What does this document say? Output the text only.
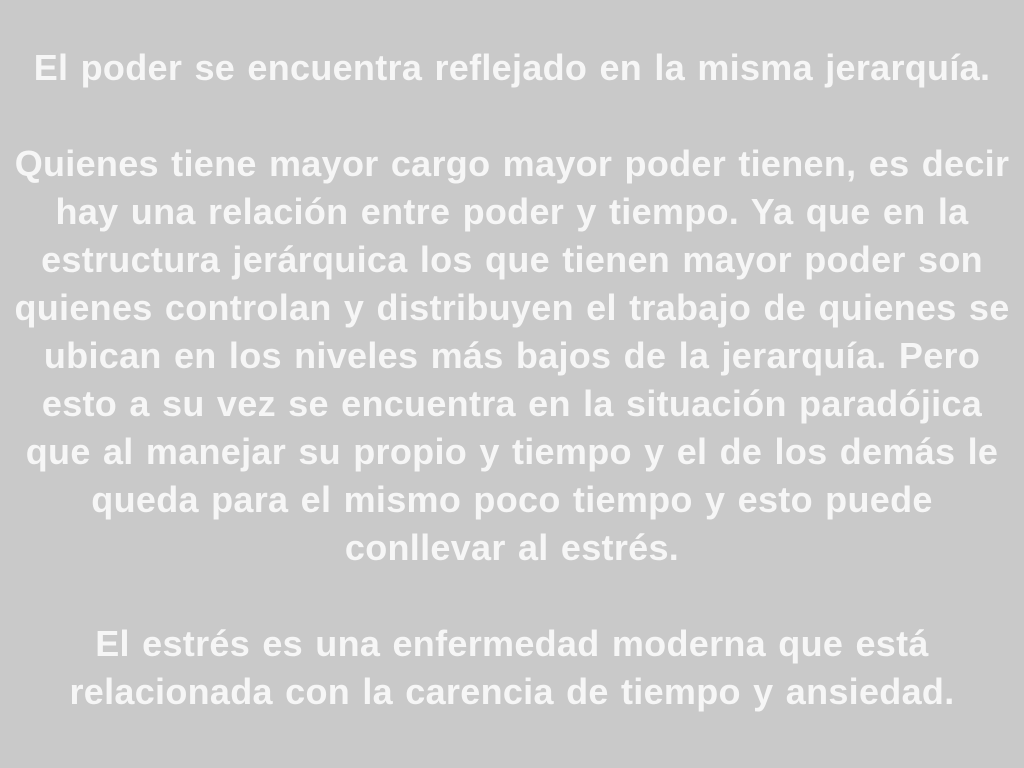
El poder se encuentra reflejado en la misma jerarquía.

Quienes tiene mayor cargo mayor poder tienen, es decir hay una relación entre poder y tiempo. Ya que en la estructura jerárquica los que tienen mayor poder son quienes controlan y distribuyen el trabajo de quienes se ubican en los niveles más bajos de la jerarquía. Pero esto a su vez se encuentra en la situación paradójica que al manejar su propio y tiempo y el de los demás le queda para el mismo poco tiempo y esto puede conllevar al estrés.

El estrés es una enfermedad moderna que está relacionada con la carencia de tiempo y ansiedad.
